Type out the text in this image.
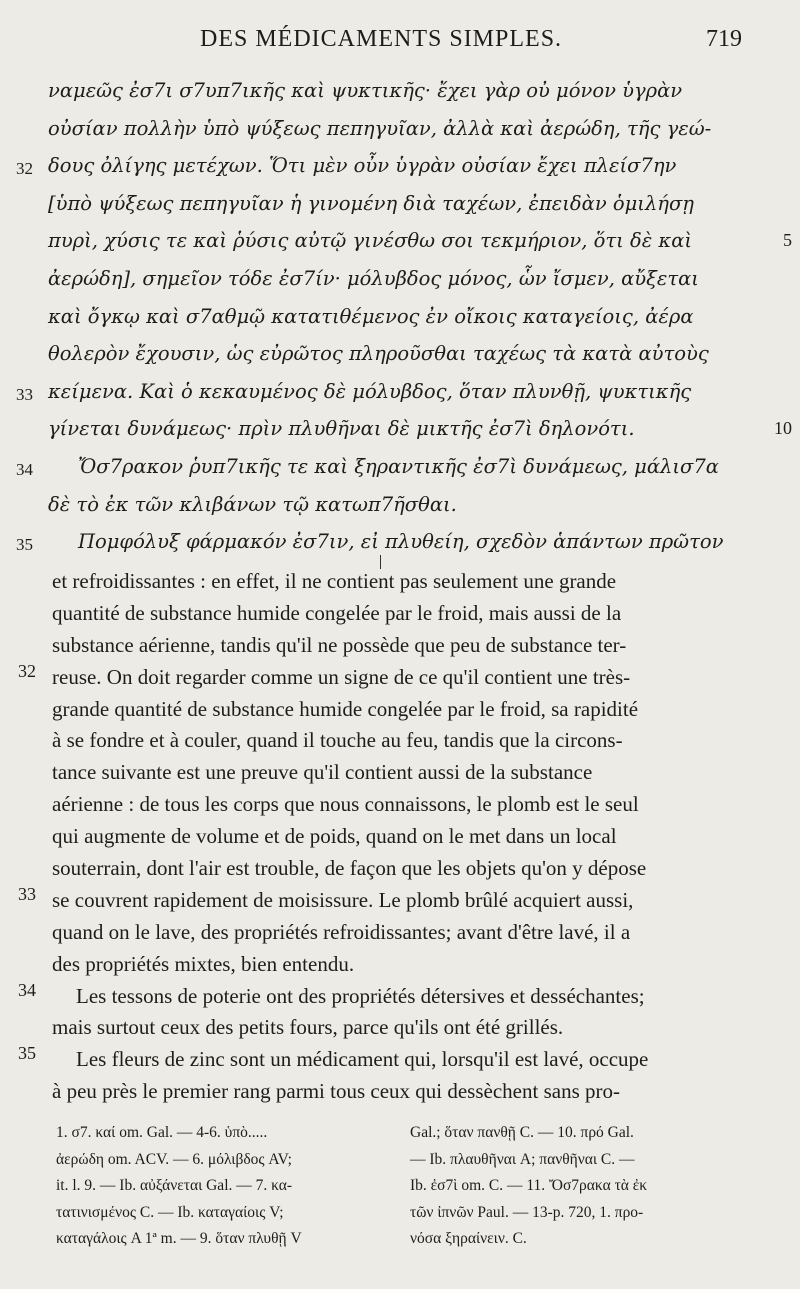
DES MÉDICAMENTS SIMPLES.	719
ναμεῶς ἐσ7ι σ7υπ7ικῆς καὶ ψυκτικῆς· ἔχει γὰρ οὐ μόνον ὑγρὰν
οὐσίαν πολλὴν ὑπὸ ψύξεως πεπηγυῖαν, ἀλλὰ καὶ ἀερώδη, τῆς γεώ-
32 δους ὀλίγης μετέχων. Ὅτι μὲν οὖν ὑγρὰν οὐσίαν ἔχει πλείσ7ην
[ὑπὸ ψύξεως πεπηγυῖαν ἡ γινομένη διὰ ταχέων, ἐπειδὰν ὁμιλήσῃ
πυρὶ, χύσις τε καὶ ῥύσις αὐτῷ γινέσθω σοι τεκμήριον, ὅτι δὲ καὶ	5
ἀερώδη], σημεῖον τόδε ἐσ7ίν· μόλυβδος μόνος, ὧν ἴσμεν, αὔξεται
καὶ ὄγκῳ καὶ σ7αθμῷ κατατιθέμενος ἐν οἴκοις καταγείοις, ἀέρα
θολερὸν ἔχουσιν, ὡς εὐρῶτος πληροῦσθαι ταχέως τὰ κατὰ αὐτοὺς
33 κείμενα. Καὶ ὁ κεκαυμένος δὲ μόλυβδος, ὅταν πλυνθῇ, ψυκτικῆς
γίνεται δυνάμεως· πρὶν πλυθῆναι δὲ μικτῆς ἐσ7ὶ δηλονότι.	10
34 Ὄσ7ρακον ῥυπ7ικῆς τε καὶ ξηραντικῆς ἐσ7ὶ δυνάμεως, μάλισ7α
δὲ τὸ ἐκ τῶν κλιβάνων τῷ κατωπ7ῆσθαι.
35 Πομφόλυξ φάρμακόν ἐσ7ιν, εἰ πλυθείη, σχεδὸν ἁπάντων πρῶτον
et refroidissantes : en effet, il ne contient pas seulement une grande
quantité de substance humide congelée par le froid, mais aussi de la
substance aérienne, tandis qu'il ne possède que peu de substance ter-
32 reuse. On doit regarder comme un signe de ce qu'il contient une très-
grande quantité de substance humide congelée par le froid, sa rapidité
à se fondre et à couler, quand il touche au feu, tandis que la circons-
tance suivante est une preuve qu'il contient aussi de la substance
aérienne : de tous les corps que nous connaissons, le plomb est le seul
qui augmente de volume et de poids, quand on le met dans un local
souterrain, dont l'air est trouble, de façon que les objets qu'on y dépose
33 se couvrent rapidement de moisissure. Le plomb brûlé acquiert aussi,
quand on le lave, des propriétés refroidissantes; avant d'être lavé, il a
des propriétés mixtes, bien entendu.
34 Les tessons de poterie ont des propriétés détersives et desséchantes;
mais surtout ceux des petits fours, parce qu'ils ont été grillés.
35 Les fleurs de zinc sont un médicament qui, lorsqu'il est lavé, occupe
à peu près le premier rang parmi tous ceux qui dessèchent sans pro-
1. σ7. καί om. Gal. — 4-6. ὑπὸ.....
ἀερώδη om. ACV. — 6. μόλιβδος AV;
it. l. 9. — Ib. αὐξάνεται Gal. — 7. κα-
τατινισμένος C. — Ib. καταγαίοις V;
καταγάλοις A 1ª m. — 9. ὅταν πλυθῇ V
Gal.; ὅταν πανθῇ C. — 10. πρό Gal.
— Ib. πλαυθῆναι A; πανθῆναι C. —
Ib. ἐσ7ὶ om. C. — 11. Ὄσ7ρακα τὰ ἐκ
τῶν ἰπνῶν Paul. — 13-p. 720, 1. προ-
νόσα ξηραίνειν. C.
